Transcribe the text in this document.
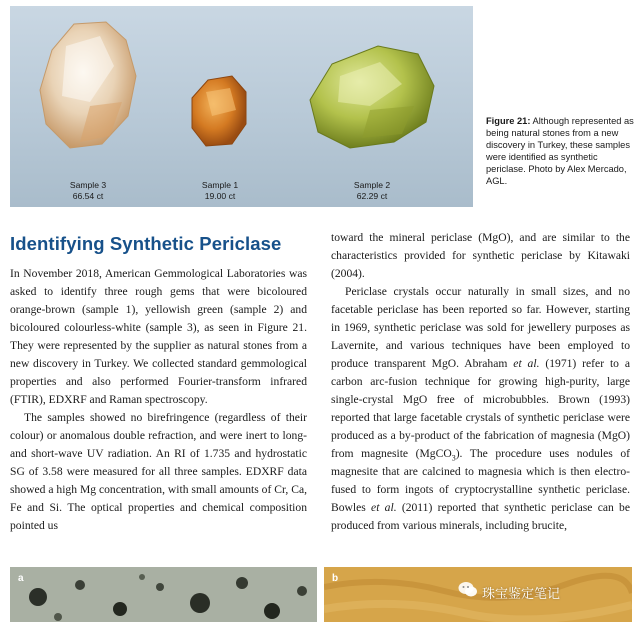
Sample 3
66.54 ct
Sample 1
19.00 ct
Sample 2
62.29 ct
Figure 21: Although represented as being natural stones from a new discovery in Turkey, these samples were identified as synthetic periclase. Photo by Alex Mercado, AGL.
Identifying Synthetic Periclase

In November 2018, American Gemmological Laboratories was asked to identify three rough gems that were bicoloured orange-brown (sample 1), yellowish green (sample 2) and bicoloured colourless-white (sample 3), as seen in Figure 21. They were represented by the supplier as natural stones from a new discovery in Turkey. We collected standard gemmological properties and also performed Fourier-transform infrared (FTIR), EDXRF and Raman spectroscopy.

The samples showed no birefringence (regardless of their colour) or anomalous double refraction, and were inert to long- and short-wave UV radiation. An RI of 1.735 and hydrostatic SG of 3.58 were measured for all three samples. EDXRF data showed a high Mg concentration, with small amounts of Cr, Ca, Fe and Si. The optical properties and chemical composition pointed us

toward the mineral periclase (MgO), and are similar to the characteristics provided for synthetic periclase by Kitawaki (2004).

Periclase crystals occur naturally in small sizes, and no facetable periclase has been reported so far. However, starting in 1969, synthetic periclase was sold for jewellery purposes as Lavernite, and various techniques have been employed to produce transparent MgO. Abraham et al. (1971) refer to a carbon arc-fusion technique for growing high-purity, large single-crystal MgO free of microbubbles. Brown (1993) reported that large facetable crystals of synthetic periclase were produced as a by-product of the fabrication of magnesia (MgO) from magnesite (MgCO$_3$). The procedure uses nodules of magnesite that are calcined to magnesia which is then electro-fused to form ingots of cryptocrystalline synthetic periclase. Bowles et al. (2011) reported that synthetic periclase can be produced from various minerals, including brucite,

a	b
珠宝鉴定笔记
